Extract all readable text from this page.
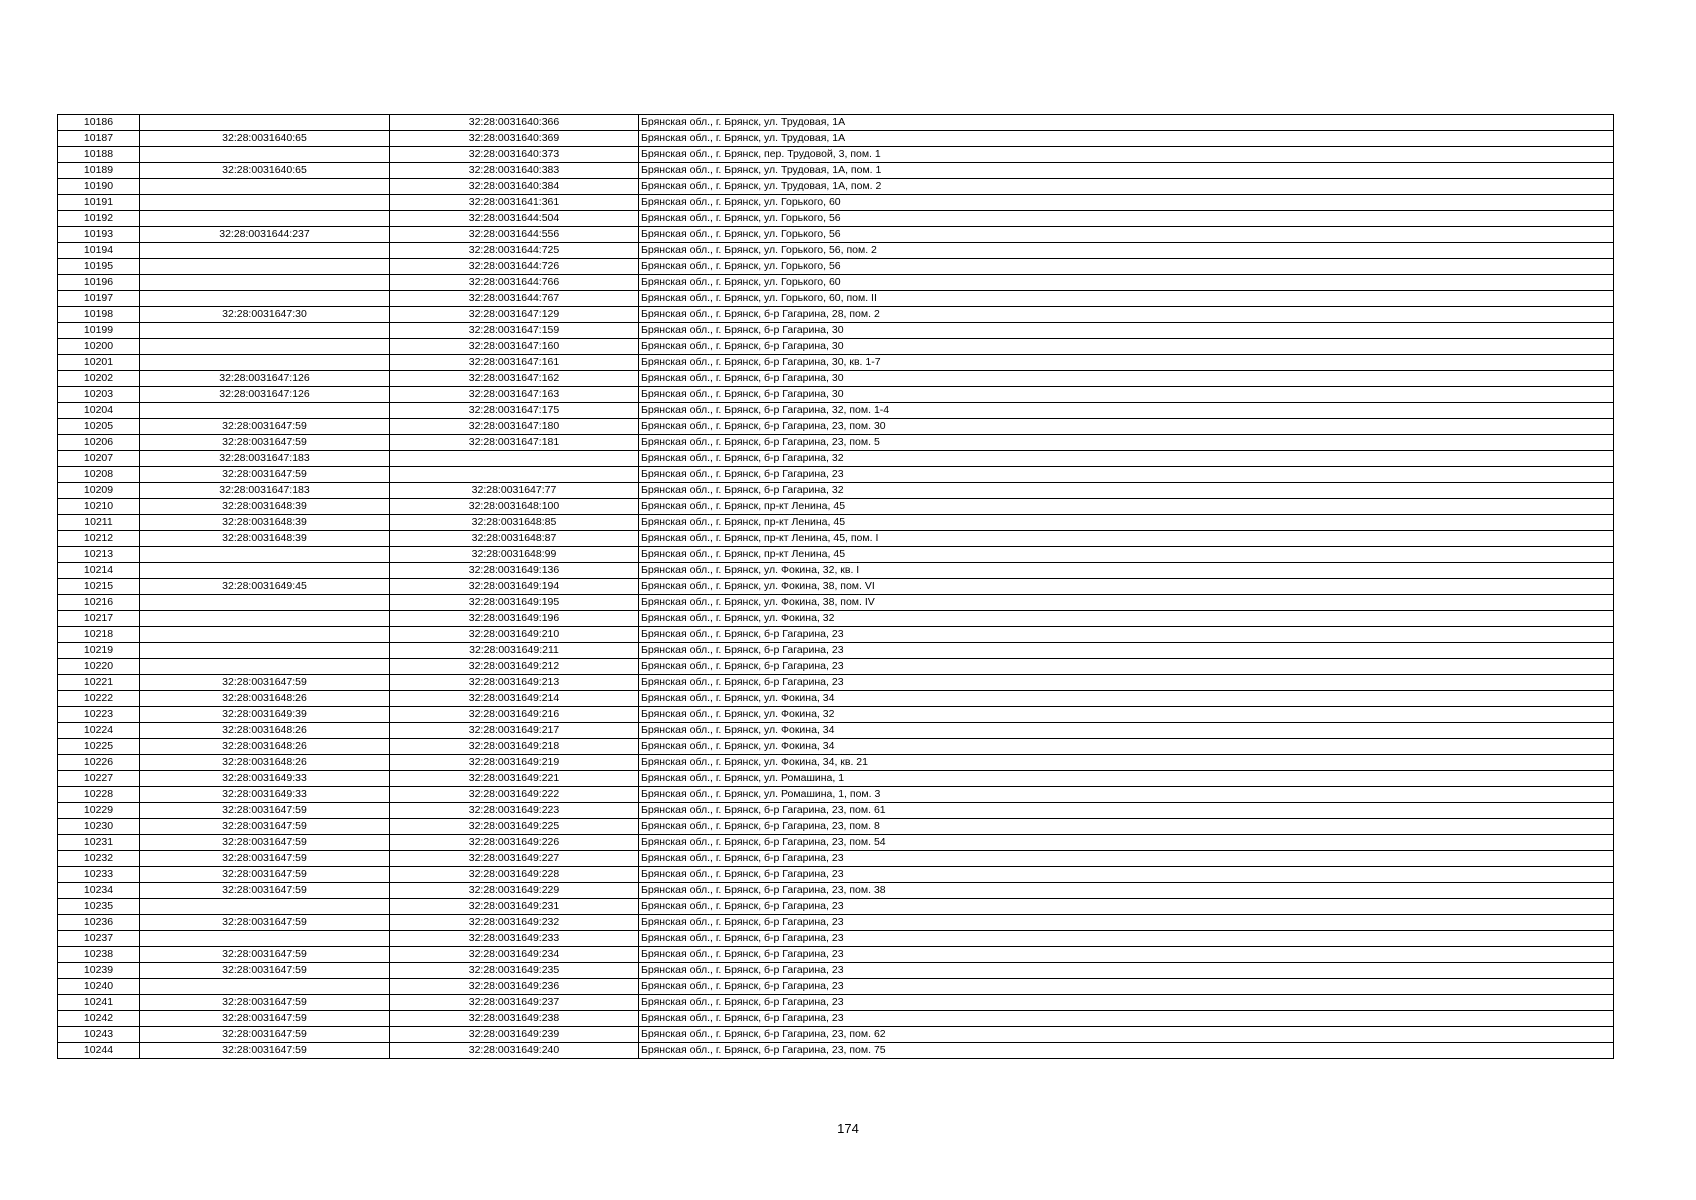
10186		32:28:0031640:366	Брянская обл., г. Брянск, ул. Трудовая, 1А
10187	32:28:0031640:65	32:28:0031640:369	Брянская обл., г. Брянск, ул. Трудовая, 1А
10188		32:28:0031640:373	Брянская обл., г. Брянск, пер. Трудовой, 3, пом. 1
10189	32:28:0031640:65	32:28:0031640:383	Брянская обл., г. Брянск, ул. Трудовая, 1А, пом. 1
10190		32:28:0031640:384	Брянская обл., г. Брянск, ул. Трудовая, 1А, пом. 2
10191		32:28:0031641:361	Брянская обл., г. Брянск, ул. Горького, 60
10192		32:28:0031644:504	Брянская обл., г. Брянск, ул. Горького, 56
10193	32:28:0031644:237	32:28:0031644:556	Брянская обл., г. Брянск, ул. Горького, 56
10194		32:28:0031644:725	Брянская обл., г. Брянск, ул. Горького, 56, пом. 2
10195		32:28:0031644:726	Брянская обл., г. Брянск, ул. Горького, 56
10196		32:28:0031644:766	Брянская обл., г. Брянск, ул. Горького, 60
10197		32:28:0031644:767	Брянская обл., г. Брянск, ул. Горького, 60, пом. II
10198	32:28:0031647:30	32:28:0031647:129	Брянская обл., г. Брянск, б-р Гагарина, 28, пом. 2
10199		32:28:0031647:159	Брянская обл., г. Брянск, б-р Гагарина, 30
10200		32:28:0031647:160	Брянская обл., г. Брянск, б-р Гагарина, 30
10201		32:28:0031647:161	Брянская обл., г. Брянск, б-р Гагарина, 30, кв. 1-7
10202	32:28:0031647:126	32:28:0031647:162	Брянская обл., г. Брянск, б-р Гагарина, 30
10203	32:28:0031647:126	32:28:0031647:163	Брянская обл., г. Брянск, б-р Гагарина, 30
10204		32:28:0031647:175	Брянская обл., г. Брянск, б-р Гагарина, 32, пом. 1-4
10205	32:28:0031647:59	32:28:0031647:180	Брянская обл., г. Брянск, б-р Гагарина, 23, пом. 30
10206	32:28:0031647:59	32:28:0031647:181	Брянская обл., г. Брянск, б-р Гагарина, 23, пом. 5
10207	32:28:0031647:183		Брянская обл., г. Брянск, б-р Гагарина, 32
10208	32:28:0031647:59		Брянская обл., г. Брянск, б-р Гагарина, 23
10209	32:28:0031647:183	32:28:0031647:77	Брянская обл., г. Брянск, б-р Гагарина, 32
10210	32:28:0031648:39	32:28:0031648:100	Брянская обл., г. Брянск, пр-кт Ленина, 45
10211	32:28:0031648:39	32:28:0031648:85	Брянская обл., г. Брянск, пр-кт Ленина, 45
10212	32:28:0031648:39	32:28:0031648:87	Брянская обл., г. Брянск, пр-кт Ленина, 45, пом. I
10213		32:28:0031648:99	Брянская обл., г. Брянск, пр-кт Ленина, 45
10214		32:28:0031649:136	Брянская обл., г. Брянск, ул. Фокина, 32, кв. I
10215	32:28:0031649:45	32:28:0031649:194	Брянская обл., г. Брянск, ул. Фокина, 38, пом. VI
10216		32:28:0031649:195	Брянская обл., г. Брянск, ул. Фокина, 38, пом. IV
10217		32:28:0031649:196	Брянская обл., г. Брянск, ул. Фокина, 32
10218		32:28:0031649:210	Брянская обл., г. Брянск, б-р Гагарина, 23
10219		32:28:0031649:211	Брянская обл., г. Брянск, б-р Гагарина, 23
10220		32:28:0031649:212	Брянская обл., г. Брянск, б-р Гагарина, 23
10221	32:28:0031647:59	32:28:0031649:213	Брянская обл., г. Брянск, б-р Гагарина, 23
10222	32:28:0031648:26	32:28:0031649:214	Брянская обл., г. Брянск, ул. Фокина, 34
10223	32:28:0031649:39	32:28:0031649:216	Брянская обл., г. Брянск, ул. Фокина, 32
10224	32:28:0031648:26	32:28:0031649:217	Брянская обл., г. Брянск, ул. Фокина, 34
10225	32:28:0031648:26	32:28:0031649:218	Брянская обл., г. Брянск, ул. Фокина, 34
10226	32:28:0031648:26	32:28:0031649:219	Брянская обл., г. Брянск, ул. Фокина, 34, кв. 21
10227	32:28:0031649:33	32:28:0031649:221	Брянская обл., г. Брянск, ул. Ромашина, 1
10228	32:28:0031649:33	32:28:0031649:222	Брянская обл., г. Брянск, ул. Ромашина, 1, пом. 3
10229	32:28:0031647:59	32:28:0031649:223	Брянская обл., г. Брянск, б-р Гагарина, 23, пом. 61
10230	32:28:0031647:59	32:28:0031649:225	Брянская обл., г. Брянск, б-р Гагарина, 23, пом. 8
10231	32:28:0031647:59	32:28:0031649:226	Брянская обл., г. Брянск, б-р Гагарина, 23, пом. 54
10232	32:28:0031647:59	32:28:0031649:227	Брянская обл., г. Брянск, б-р Гагарина, 23
10233	32:28:0031647:59	32:28:0031649:228	Брянская обл., г. Брянск, б-р Гагарина, 23
10234	32:28:0031647:59	32:28:0031649:229	Брянская обл., г. Брянск, б-р Гагарина, 23, пом. 38
10235		32:28:0031649:231	Брянская обл., г. Брянск, б-р Гагарина, 23
10236	32:28:0031647:59	32:28:0031649:232	Брянская обл., г. Брянск, б-р Гагарина, 23
10237		32:28:0031649:233	Брянская обл., г. Брянск, б-р Гагарина, 23
10238	32:28:0031647:59	32:28:0031649:234	Брянская обл., г. Брянск, б-р Гагарина, 23
10239	32:28:0031647:59	32:28:0031649:235	Брянская обл., г. Брянск, б-р Гагарина, 23
10240		32:28:0031649:236	Брянская обл., г. Брянск, б-р Гагарина, 23
10241	32:28:0031647:59	32:28:0031649:237	Брянская обл., г. Брянск, б-р Гагарина, 23
10242	32:28:0031647:59	32:28:0031649:238	Брянская обл., г. Брянск, б-р Гагарина, 23
10243	32:28:0031647:59	32:28:0031649:239	Брянская обл., г. Брянск, б-р Гагарина, 23, пом. 62
10244	32:28:0031647:59	32:28:0031649:240	Брянская обл., г. Брянск, б-р Гагарина, 23, пом. 75
174
